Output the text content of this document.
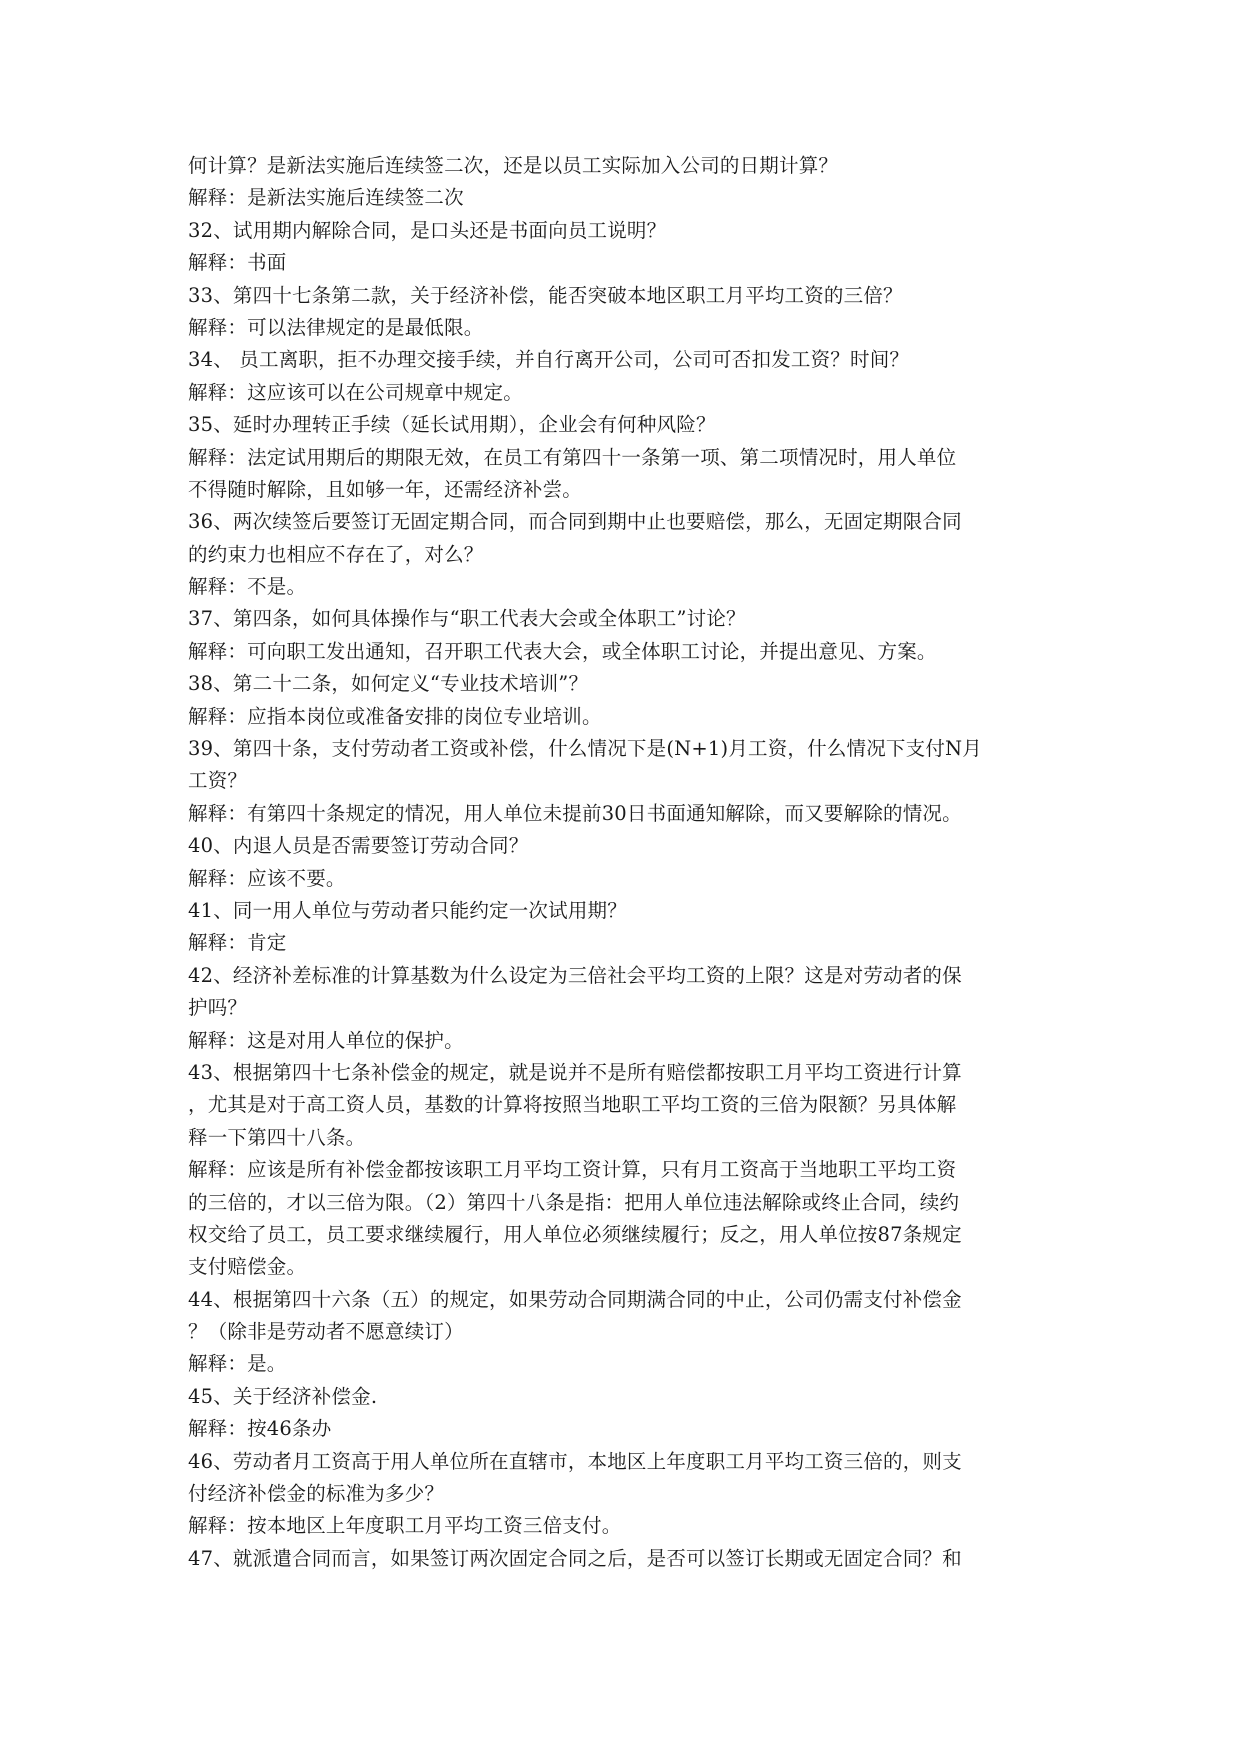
何计算？是新法实施后连续签二次，还是以员工实际加入公司的日期计算？

解释：是新法实施后连续签二次

32、试用期内解除合同，是口头还是书面向员工说明？

解释：书面

33、第四十七条第二款，关于经济补偿，能否突破本地区职工月平均工资的三倍？

解释：可以法律规定的是最低限。

34、 员工离职，拒不办理交接手续，并自行离开公司，公司可否扣发工资？时间？

解释：这应该可以在公司规章中规定。

35、延时办理转正手续（延长试用期），企业会有何种风险？

解释：法定试用期后的期限无效，在员工有第四十一条第一项、第二项情况时，用人单位

不得随时解除，且如够一年，还需经济补尝。

36、两次续签后要签订无固定期合同，而合同到期中止也要赔偿，那么，无固定期限合同

的约束力也相应不存在了，对么？

解释：不是。

37、第四条，如何具体操作与“职工代表大会或全体职工”讨论？

解释：可向职工发出通知，召开职工代表大会，或全体职工讨论，并提出意见、方案。

38、第二十二条，如何定义“专业技术培训”？

解释：应指本岗位或准备安排的岗位专业培训。

39、第四十条，支付劳动者工资或补偿，什么情况下是(N+1)月工资，什么情况下支付N月

工资？

解释：有第四十条规定的情况，用人单位未提前30日书面通知解除，而又要解除的情况。

40、内退人员是否需要签订劳动合同？

解释：应该不要。

41、同一用人单位与劳动者只能约定一次试用期？

解释：肯定

42、经济补差标准的计算基数为什么设定为三倍社会平均工资的上限？这是对劳动者的保

护吗？

解释：这是对用人单位的保护。

43、根据第四十七条补偿金的规定，就是说并不是所有赔偿都按职工月平均工资进行计算

，尤其是对于高工资人员，基数的计算将按照当地职工平均工资的三倍为限额？另具体解

释一下第四十八条。

解释：应该是所有补偿金都按该职工月平均工资计算，只有月工资高于当地职工平均工资

的三倍的，才以三倍为限。（2）第四十八条是指：把用人单位违法解除或终止合同，续约

权交给了员工，员工要求继续履行，用人单位必须继续履行；反之，用人单位按87条规定

支付赔偿金。

44、根据第四十六条（五）的规定，如果劳动合同期满合同的中止，公司仍需支付补偿金

？（除非是劳动者不愿意续订）

解释：是。

45、关于经济补偿金.

解释：按46条办

46、劳动者月工资高于用人单位所在直辖市，本地区上年度职工月平均工资三倍的，则支

付经济补偿金的标准为多少？

解释：按本地区上年度职工月平均工资三倍支付。

47、就派遣合同而言，如果签订两次固定合同之后，是否可以签订长期或无固定合同？和
